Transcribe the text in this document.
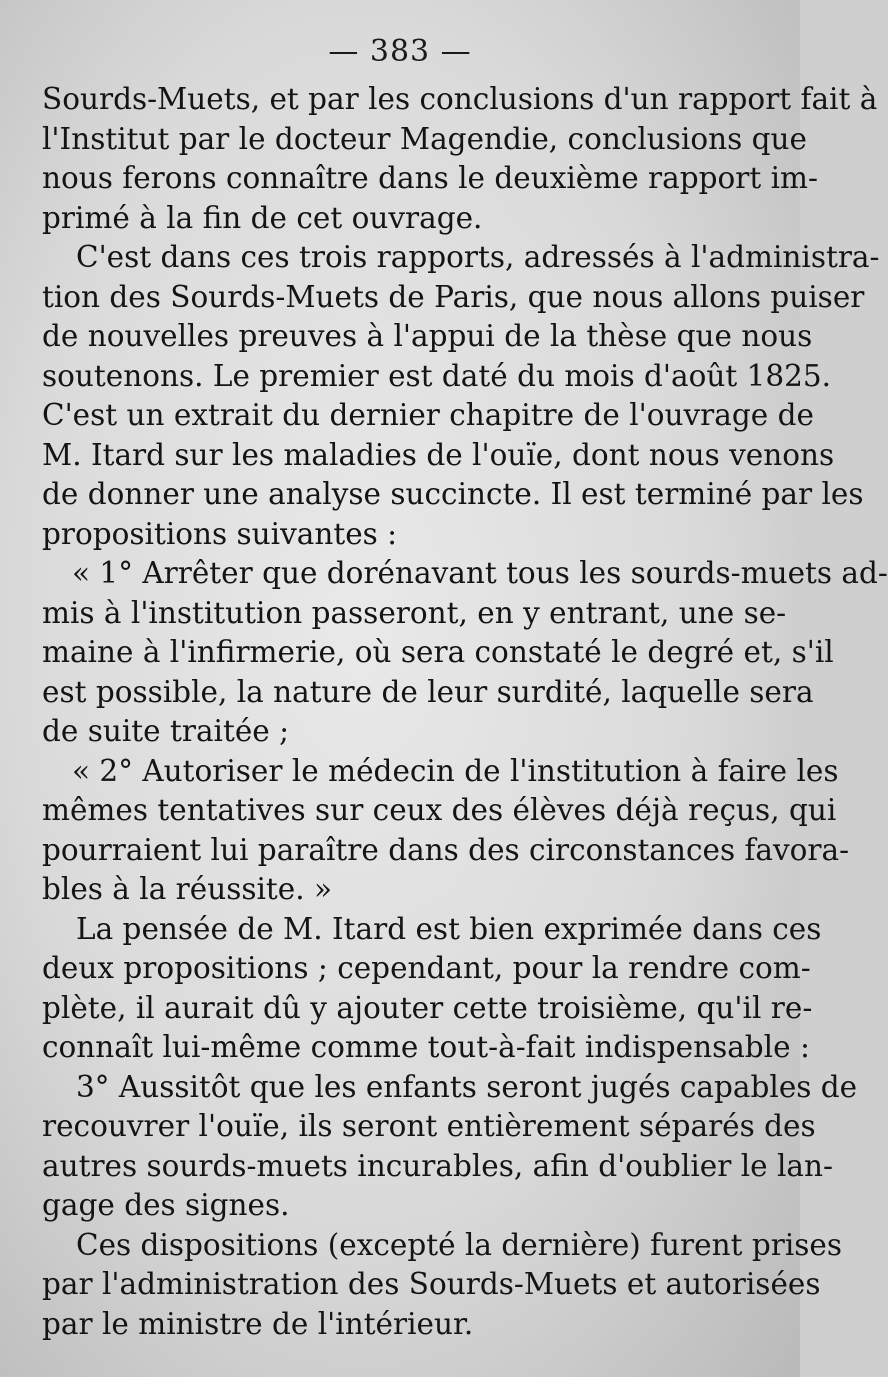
— 383 —
Sourds-Muets, et par les conclusions d'un rapport fait à
l'Institut par le docteur Magendie, conclusions que
nous ferons connaître dans le deuxième rapport im-
primé à la fin de cet ouvrage.
C'est dans ces trois rapports, adressés à l'administra-
tion des Sourds-Muets de Paris, que nous allons puiser
de nouvelles preuves à l'appui de la thèse que nous
soutenons. Le premier est daté du mois d'août 1825.
C'est un extrait du dernier chapitre de l'ouvrage de
M. Itard sur les maladies de l'ouïe, dont nous venons
de donner une analyse succincte. Il est terminé par les
propositions suivantes :
« 1° Arrêter que dorénavant tous les sourds-muets ad-
mis à l'institution passeront, en y entrant, une se-
maine à l'infirmerie, où sera constaté le degré et, s'il
est possible, la nature de leur surdité, laquelle sera
de suite traitée ;
« 2° Autoriser le médecin de l'institution à faire les
mêmes tentatives sur ceux des élèves déjà reçus, qui
pourraient lui paraître dans des circonstances favora-
bles à la réussite. »
La pensée de M. Itard est bien exprimée dans ces
deux propositions ; cependant, pour la rendre com-
plète, il aurait dû y ajouter cette troisième, qu'il re-
connaît lui-même comme tout-à-fait indispensable :
3° Aussitôt que les enfants seront jugés capables de
recouvrer l'ouïe, ils seront entièrement séparés des
autres sourds-muets incurables, afin d'oublier le lan-
gage des signes.
Ces dispositions (excepté la dernière) furent prises
par l'administration des Sourds-Muets et autorisées
par le ministre de l'intérieur.
